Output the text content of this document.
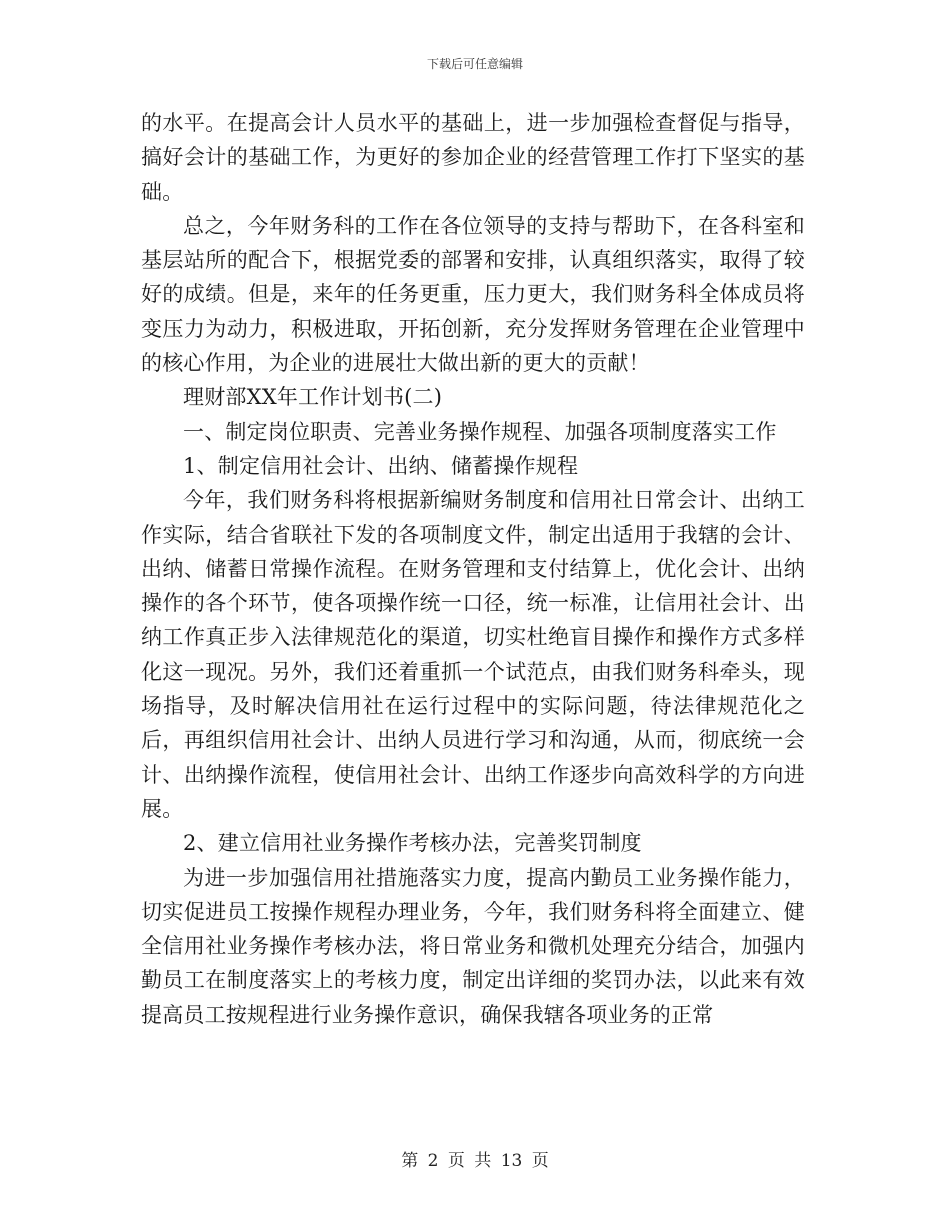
下载后可任意编辑

的水平。在提高会计人员水平的基础上，进一步加强检查督促与指导，搞好会计的基础工作，为更好的参加企业的经营管理工作打下坚实的基础。

总之，今年财务科的工作在各位领导的支持与帮助下，在各科室和基层站所的配合下，根据党委的部署和安排，认真组织落实，取得了较好的成绩。但是，来年的任务更重，压力更大，我们财务科全体成员将变压力为动力，积极进取，开拓创新，充分发挥财务管理在企业管理中的核心作用，为企业的进展壮大做出新的更大的贡献！

理财部XX年工作计划书(二)

一、制定岗位职责、完善业务操作规程、加强各项制度落实工作

1、制定信用社会计、出纳、储蓄操作规程

今年，我们财务科将根据新编财务制度和信用社日常会计、出纳工作实际，结合省联社下发的各项制度文件，制定出适用于我辖的会计、出纳、储蓄日常操作流程。在财务管理和支付结算上，优化会计、出纳操作的各个环节，使各项操作统一口径，统一标准，让信用社会计、出纳工作真正步入法律规范化的渠道，切实杜绝盲目操作和操作方式多样化这一现况。另外，我们还着重抓一个试范点，由我们财务科牵头，现场指导，及时解决信用社在运行过程中的实际问题，待法律规范化之后，再组织信用社会计、出纳人员进行学习和沟通，从而，彻底统一会计、出纳操作流程，使信用社会计、出纳工作逐步向高效科学的方向进展。

2、建立信用社业务操作考核办法，完善奖罚制度

为进一步加强信用社措施落实力度，提高内勤员工业务操作能力，切实促进员工按操作规程办理业务，今年，我们财务科将全面建立、健全信用社业务操作考核办法，将日常业务和微机处理充分结合，加强内勤员工在制度落实上的考核力度，制定出详细的奖罚办法，以此来有效提高员工按规程进行业务操作意识，确保我辖各项业务的正常

第 2 页 共 13 页
